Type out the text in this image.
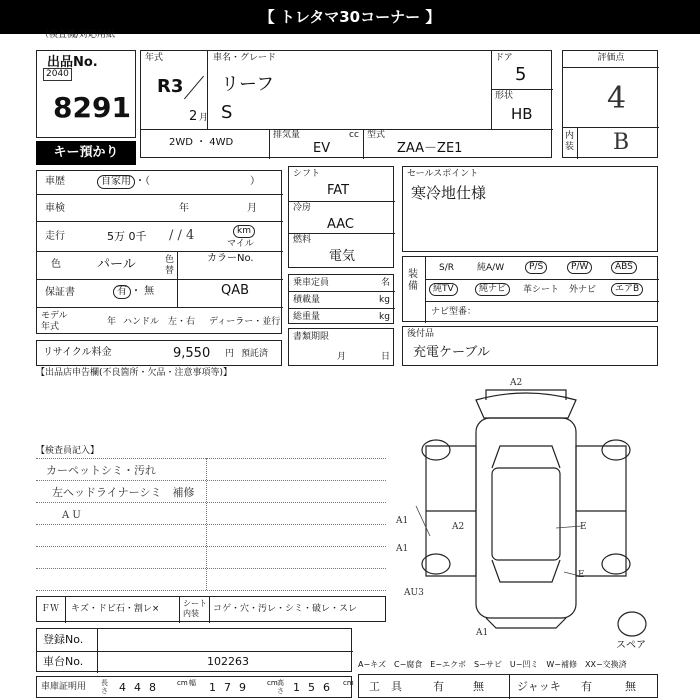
【 トレタマ30コーナー 】
（検査機/対応用紙
出品No.
2040
8291
キー預かり
年式
R3
2 月
車名・グレード
リーフ
S
ドア
5
形状
HB
2WD ・ 4WD
排気量	cc
EV
型式
ZAA－ZE1
評価点
4
内装 B
車歴	自家用 ・（　　　　　　　　　　）
車検	年	月
走行	5万 0千 / / 4	km
マイル
色	パール	色替
カラーNo.
QAB
保証書	有 ・ 無
モデル年式	年 ハンドル　左・右 ディーラー・並行
シフト
FAT
冷房
AAC
燃料
電気
乗車定員	名
積載量	kg
総重量	kg
書類期限
月	日
セールスポイント
寒冷地仕様
装備
S/R	純A/W	P/S	P/W	ABS
純TV	純ナビ	革シート 外ナビ	エアB
ナビ型番：
後付品
充電ケーブル
リサイクル料金	9,550 円 預託済
【出品店申告欄(不良箇所・欠品・注意事項等)】
【検査員記入】
カーペットシミ・汚れ
左ヘッドライナーシミ　補修
A U
A2
A2	E
A1
E
A1
AU3
A1
スペア
ＦＷ キズ・ドビ石・割レ×
シート内装	コゲ・穴・汚レ・シミ・破レ・スレ
登録No.
車台No.	102263
車庫証明用 長さ 448 cm 幅 179 cm 高さ 156 cm
A−キズ　C−腐食　E−エクボ　S−サビ　U−凹ミ　W−補修　XX−交換済
工　具	有	無	ジャッキ 有	無
